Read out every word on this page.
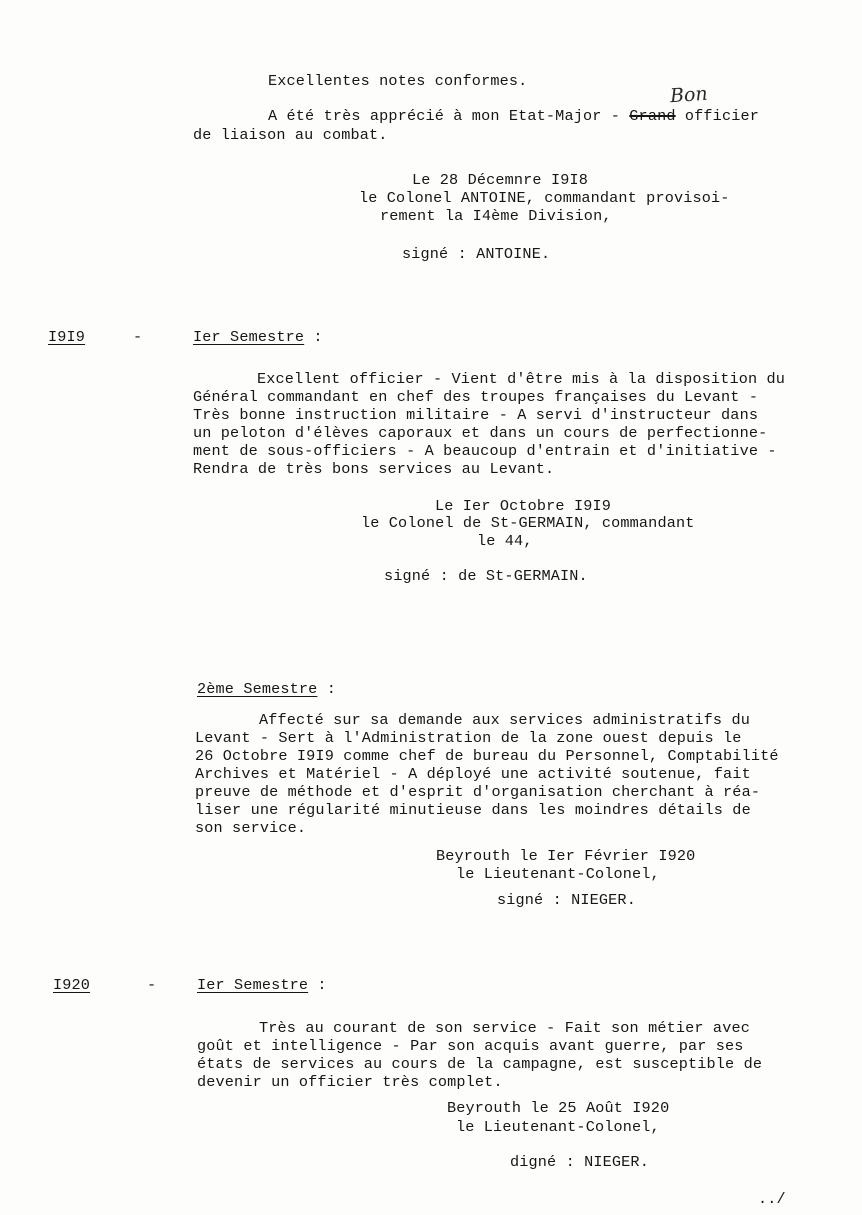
Excellentes notes conformes.
A été très apprécié à mon Etat-Major - Grand officier
Bon
de liaison au combat.
Le 28 Décemnre I9I8
le Colonel ANTOINE, commandant provisoi-
rement la I4ème Division,
signé : ANTOINE.
I9I9	-	Ier Semestre :
Excellent officier - Vient d'être mis à la disposition du
Général commandant en chef des troupes françaises du Levant -
Très bonne instruction militaire - A servi d'instructeur dans
un peloton d'élèves caporaux et dans un cours de perfectionne-
ment de sous-officiers - A beaucoup d'entrain et d'initiative -
Rendra de très bons services au Levant.
Le Ier Octobre I9I9
le Colonel de St-GERMAIN, commandant
le 44,
signé : de St-GERMAIN.
2ème Semestre :
Affecté sur sa demande aux services administratifs du
Levant - Sert à l'Administration de la zone ouest depuis le
26 Octobre I9I9 comme chef de bureau du Personnel, Comptabilité
Archives et Matériel - A déployé une activité soutenue, fait
preuve de méthode et d'esprit d'organisation cherchant à réa-
liser une régularité minutieuse dans les moindres détails de
son service.
Beyrouth le Ier Février I920
le Lieutenant-Colonel,
signé : NIEGER.
I920	-	Ier Semestre :
Très au courant de son service - Fait son métier avec
goût et intelligence - Par son acquis avant guerre, par ses
états de services au cours de la campagne, est susceptible de
devenir un officier très complet.
Beyrouth le 25 Août I920
le Lieutenant-Colonel,
digné : NIEGER.
../
